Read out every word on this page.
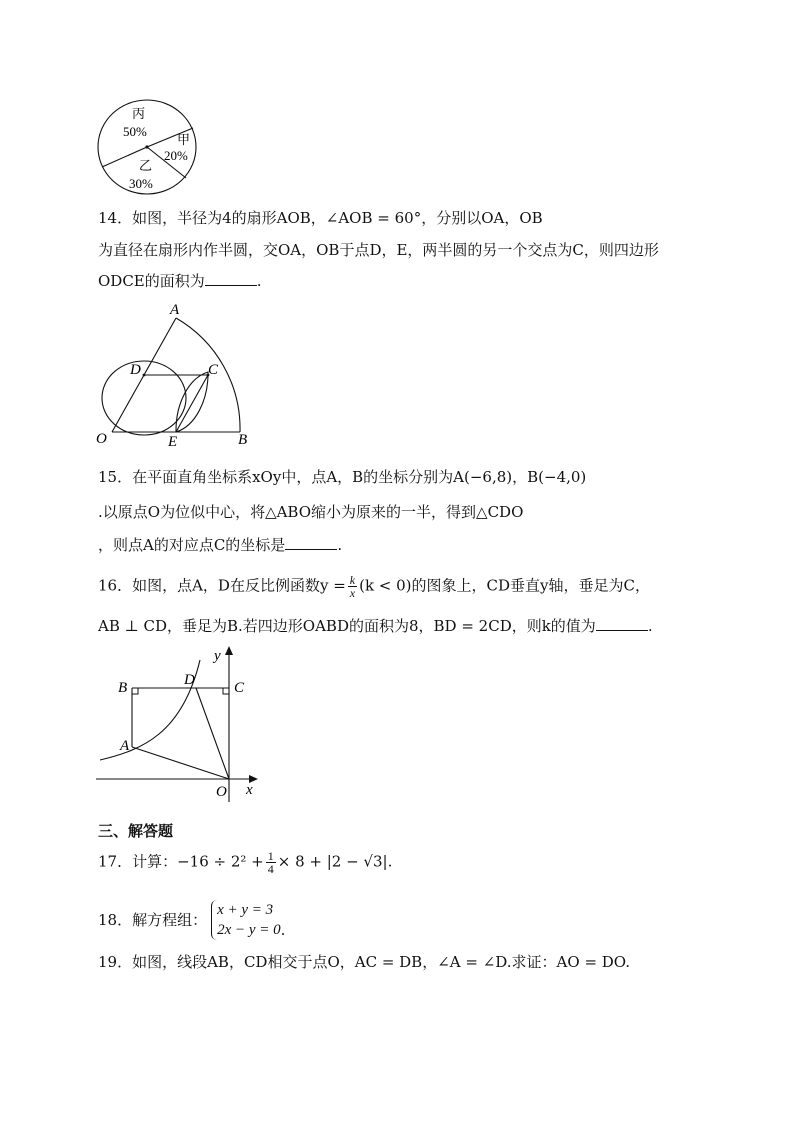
丙
50%
甲
20%
乙
30%
14．如图，半径为4的扇形AOB，∠AOB = 60°，分别以OA，OB
为直径在扇形内作半圆，交OA，OB于点D，E，两半圆的另一个交点为C，则四边形
ODCE的面积为	.
A
D	C
O	E	B
15．在平面直角坐标系xOy中，点A，B的坐标分别为A(−6,8)，B(−4,0)
.以原点O为位似中心，将△ABO缩小为原来的一半，得到△CDO
，则点A的对应点C的坐标是	.
16．如图，点A，D在反比例函数$y = \frac{k}{x} (k < 0)$的图象上，CD垂直y轴，垂足为C，
AB ⊥ CD，垂足为B.若四边形OABD的面积为8，BD = 2CD，则k的值为	.
y
x
B	D	C
A
O
三、解答题
17．计算：$-16 \div 2^2 + \frac{1}{4} \times 8 + |2 - √3|$.
18．解方程组：
x + y = 3
2x − y = 0 .
19．如图，线段AB，CD相交于点O，AC = DB，∠A = ∠D.求证：AO = DO.
